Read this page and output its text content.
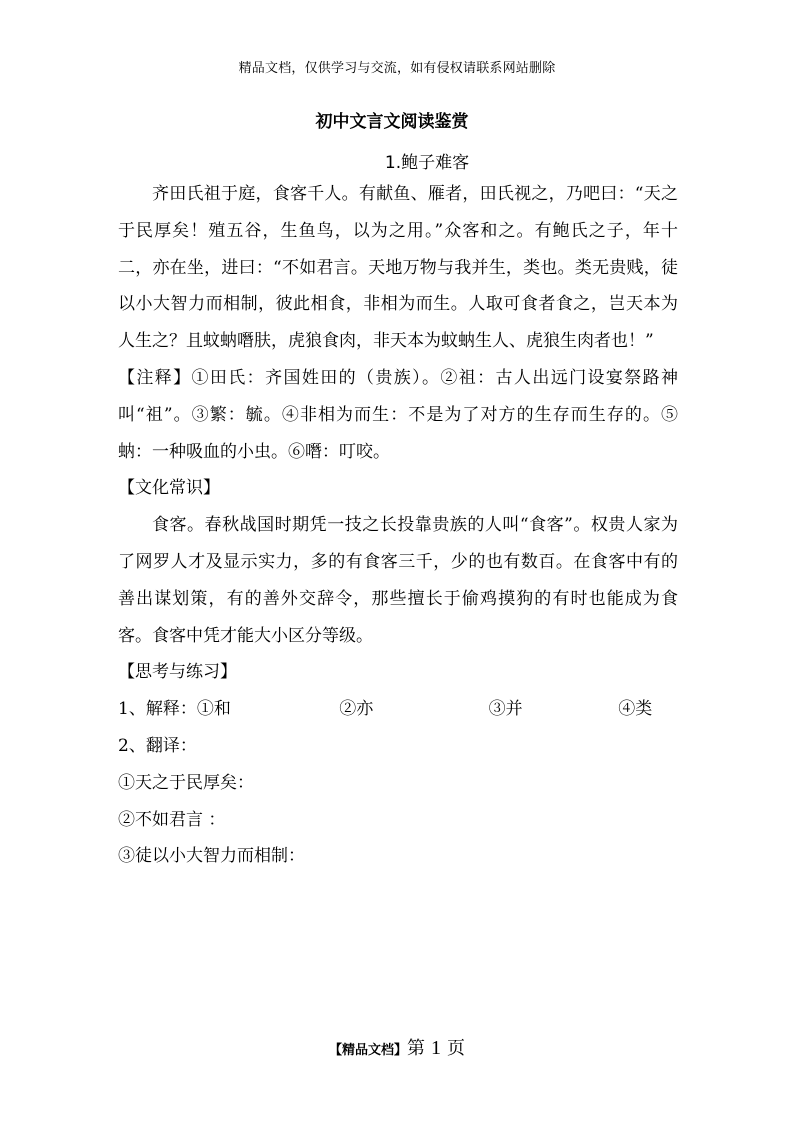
精品文档，仅供学习与交流，如有侵权请联系网站删除
初中文言文阅读鉴赏
1.鲍子难客

齐田氏祖于庭，食客千人。有献鱼、雁者，田氏视之，乃吧曰：“天之于民厚矣！殖五谷，生鱼鸟，以为之用。”众客和之。有鲍氏之子，年十二，亦在坐，进曰：“不如君言。天地万物与我并生，类也。类无贵贱，徒以小大智力而相制，彼此相食，非相为而生。人取可食者食之，岂天本为人生之？且蚊蚋噆肤，虎狼食肉，非天本为蚊蚋生人、虎狼生肉者也！”

【注释】①田氏：齐国姓田的（贵族）。②祖：古人出远门设宴祭路神叫“祖”。③繁：毓。④非相为而生：不是为了对方的生存而生存的。⑤蚋：一种吸血的小虫。⑥噆：叮咬。

【文化常识】

食客。春秋战国时期凭一技之长投靠贵族的人叫“食客”。权贵人家为了网罗人才及显示实力，多的有食客三千，少的也有数百。在食客中有的善出谋划策，有的善外交辞令，那些擅长于偷鸡摸狗的有时也能成为食客。食客中凭才能大小区分等级。

【思考与练习】

1、解释：①和	②亦	③并	④类

2、翻译：

①天之于民厚矣：

②不如君言 ：

③徒以小大智力而相制：

【精品文档】第 1 页
